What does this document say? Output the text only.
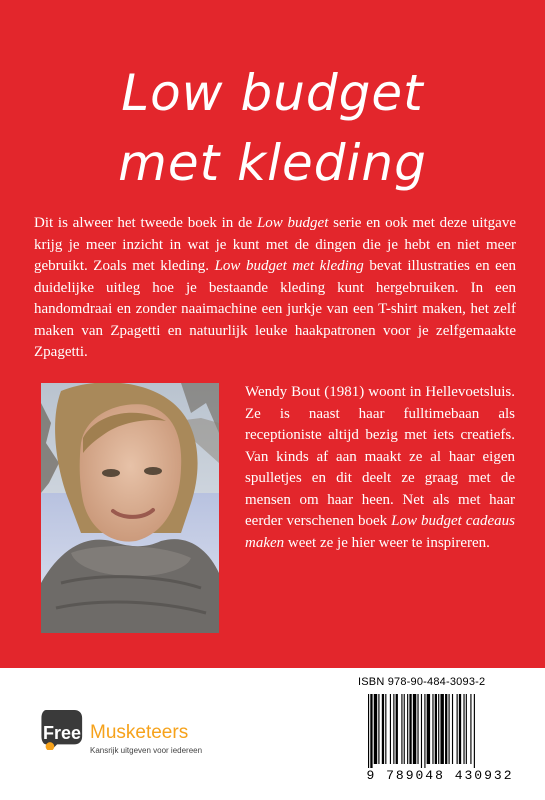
Low budget
met kleding

Dit is alweer het tweede boek in de Low budget serie en ook met deze uitgave krijg je meer inzicht in wat je kunt met de dingen die je hebt en niet meer gebruikt. Zoals met kleding. Low budget met kleding bevat illustraties en een duidelijke uitleg hoe je bestaande kleding kunt hergebruiken. In een handomdraai en zonder naaimachine een jurkje van een T-shirt maken, het zelf maken van Zpagetti en natuurlijk leuke haakpatronen voor je zelfgemaakte Zpagetti.

Wendy Bout (1981) woont in Hellevoetsluis. Ze is naast haar fulltimebaan als receptioniste altijd bezig met iets creatiefs. Van kinds af aan maakt ze al haar eigen spulletjes en dit deelt ze graag met de mensen om haar heen. Net als met haar eerder verschenen boek Low budget cadeaus maken weet ze je hier weer te inspireren.

Free Musketeers
Kansrijk uitgeven voor iedereen
ISBN 978-90-484-3093-2
9 789048 430932
